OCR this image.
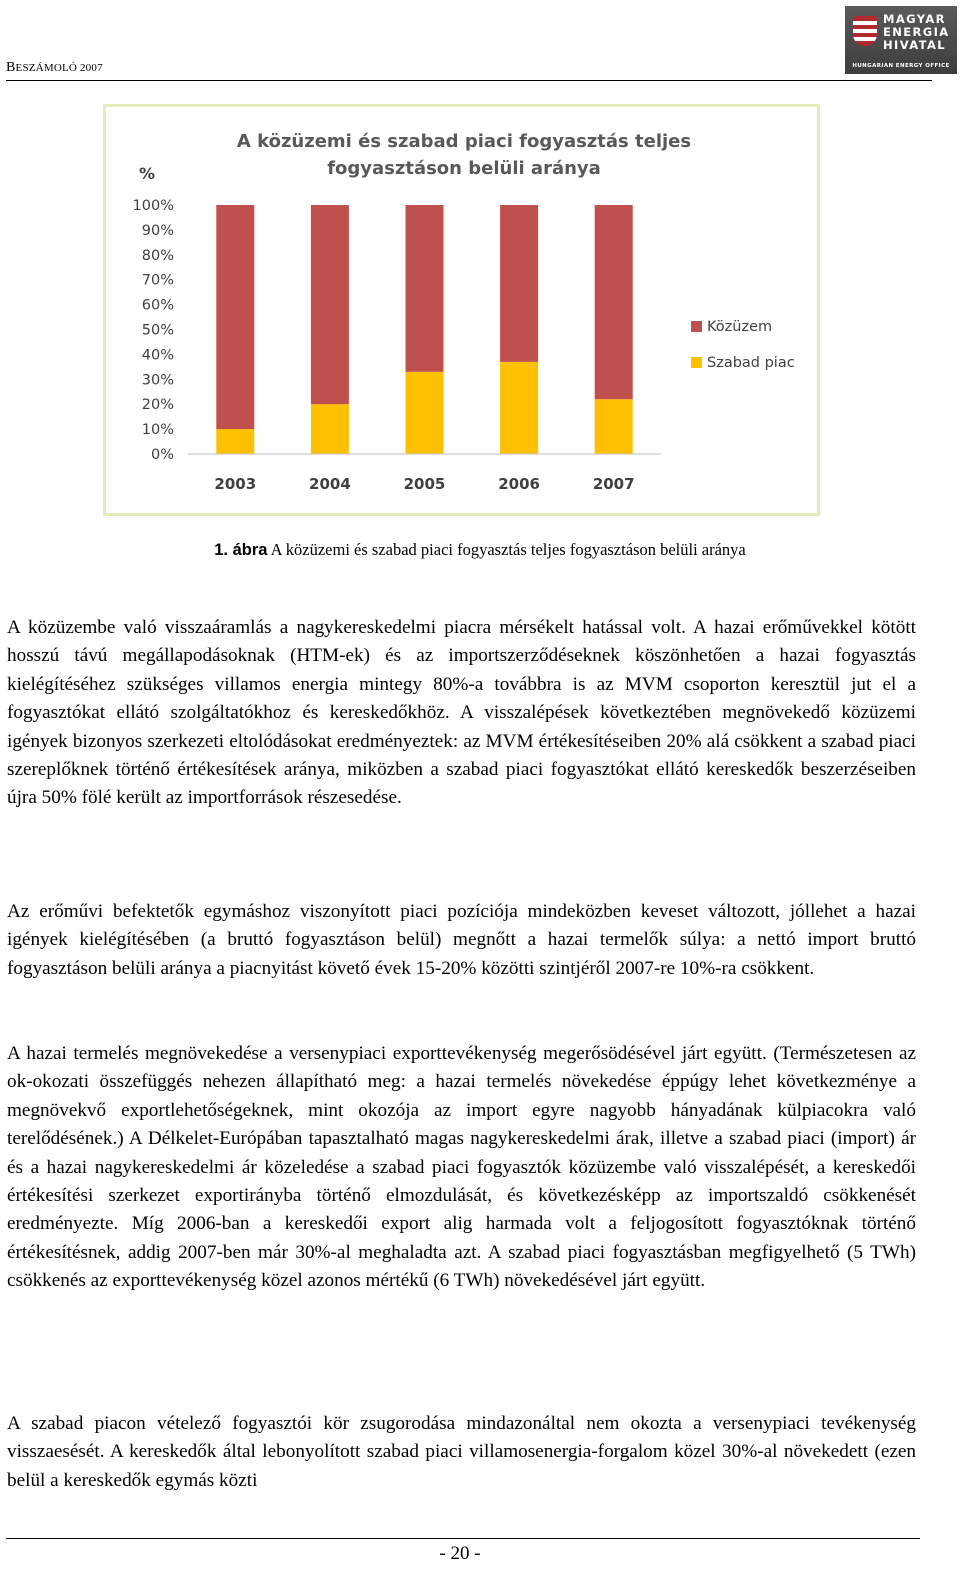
BESZÁMOLÓ 2007
MAGYAR
ENERGIA
HIVATAL
HUNGARIAN ENERGY OFFICE
A közüzemi és szabad piaci fogyasztás teljes
fogyasztáson belüli aránya
%
0%
10%
20%
30%
40%
50%
60%
70%
80%
90%
100%
2003	2004	2005	2006	2007
Közüzem
Szabad piac
1. ábra A közüzemi és szabad piaci fogyasztás teljes fogyasztáson belüli aránya

A közüzembe való visszaáramlás a nagykereskedelmi piacra mérsékelt hatással volt. A hazai erőművekkel kötött hosszú távú megállapodásoknak (HTM-ek) és az importszerződéseknek köszönhetően a hazai fogyasztás kielégítéséhez szükséges villamos energia mintegy 80%-a továbbra is az MVM csoporton keresztül jut el a fogyasztókat ellátó szolgáltatókhoz és kereskedőkhöz. A visszalépések következtében megnövekedő közüzemi igények bizonyos szerkezeti eltolódásokat eredményeztek: az MVM értékesítéseiben 20% alá csökkent a szabad piaci szereplőknek történő értékesítések aránya, miközben a szabad piaci fogyasztókat ellátó kereskedők beszerzéseiben újra 50% fölé került az importforrások részesedése.

Az erőművi befektetők egymáshoz viszonyított piaci pozíciója mindeközben keveset változott, jóllehet a hazai igények kielégítésében (a bruttó fogyasztáson belül) megnőtt a hazai termelők súlya: a nettó import bruttó fogyasztáson belüli aránya a piacnyitást követő évek 15-20% közötti szintjéről 2007-re 10%-ra csökkent.

A hazai termelés megnövekedése a versenypiaci exporttevékenység megerősödésével járt együtt. (Természetesen az ok-okozati összefüggés nehezen állapítható meg: a hazai termelés növekedése éppúgy lehet következménye a megnövekvő exportlehetőségeknek, mint okozója az import egyre nagyobb hányadának külpiacokra való terelődésének.) A Délkelet-Európában tapasztalható magas nagykereskedelmi árak, illetve a szabad piaci (import) ár és a hazai nagykereskedelmi ár közeledése a szabad piaci fogyasztók közüzembe való visszalépését, a kereskedői értékesítési szerkezet exportirányba történő elmozdulását, és következésképp az importszaldó csökkenését eredményezte. Míg 2006-ban a kereskedői export alig harmada volt a feljogosított fogyasztóknak történő értékesítésnek, addig 2007-ben már 30%-al meghaladta azt. A szabad piaci fogyasztásban megfigyelhető (5 TWh) csökkenés az exporttevékenység közel azonos mértékű (6 TWh) növekedésével járt együtt.

A szabad piacon vételező fogyasztói kör zsugorodása mindazonáltal nem okozta a versenypiaci tevékenység visszaesését. A kereskedők által lebonyolított szabad piaci villamosenergia-forgalom közel 30%-al növekedett (ezen belül a kereskedők egymás közti

- 20 -
